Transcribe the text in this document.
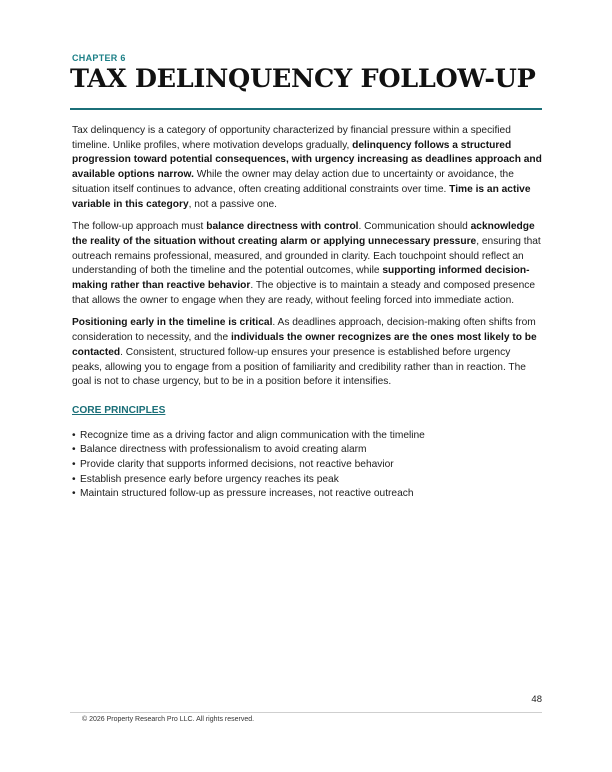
CHAPTER 6
TAX DELINQUENCY FOLLOW-UP

Tax delinquency is a category of opportunity characterized by financial pressure within a specified timeline. Unlike profiles, where motivation develops gradually, delinquency follows a structured progression toward potential consequences, with urgency increasing as deadlines approach and available options narrow. While the owner may delay action due to uncertainty or avoidance, the situation itself continues to advance, often creating additional constraints over time. Time is an active variable in this category, not a passive one.

The follow-up approach must balance directness with control. Communication should acknowledge the reality of the situation without creating alarm or applying unnecessary pressure, ensuring that outreach remains professional, measured, and grounded in clarity. Each touchpoint should reflect an understanding of both the timeline and the potential outcomes, while supporting informed decision-making rather than reactive behavior. The objective is to maintain a steady and composed presence that allows the owner to engage when they are ready, without feeling forced into immediate action.

Positioning early in the timeline is critical. As deadlines approach, decision-making often shifts from consideration to necessity, and the individuals the owner recognizes are the ones most likely to be contacted. Consistent, structured follow-up ensures your presence is established before urgency peaks, allowing you to engage from a position of familiarity and credibility rather than in reaction. The goal is not to chase urgency, but to be in a position before it intensifies.

CORE PRINCIPLES
• Recognize time as a driving factor and align communication with the timeline
• Balance directness with professionalism to avoid creating alarm
• Provide clarity that supports informed decisions, not reactive behavior
• Establish presence early before urgency reaches its peak
• Maintain structured follow-up as pressure increases, not reactive outreach
48
© 2026 Property Research Pro LLC. All rights reserved.
